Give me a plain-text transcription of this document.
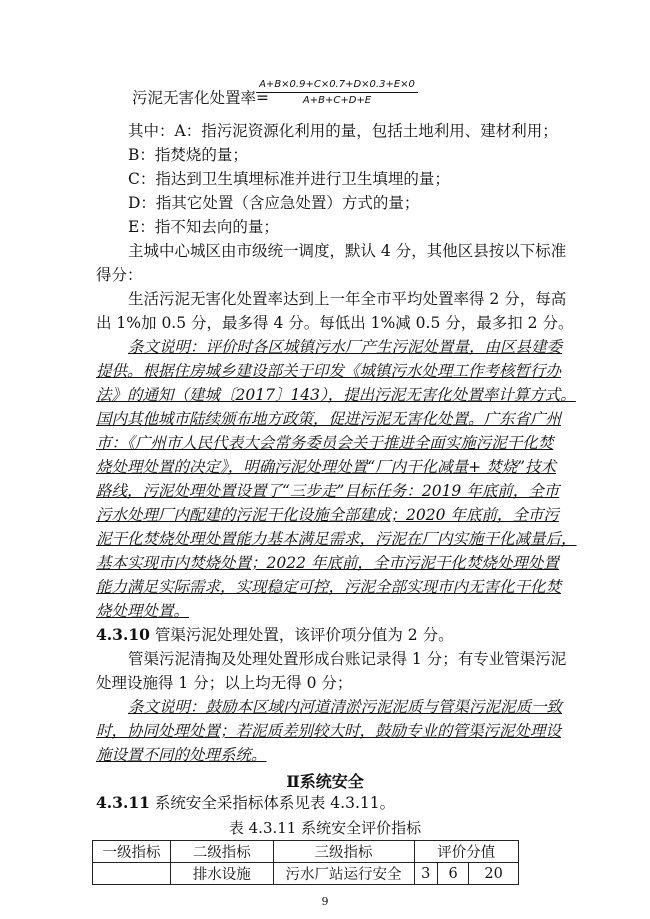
污泥无害化处置率=
$\frac{A+B\times 0.9+C\times 0.7+D\times 0.3+E\times 0}{A+B+C+D+E}$
其中：A：指污泥资源化利用的量，包括土地利用、建材利用；
B：指焚烧的量；
C：指达到卫生填埋标准并进行卫生填埋的量；
D：指其它处置（含应急处置）方式的量；
E：指不知去向的量；
主城中心城区由市级统一调度，默认 4 分，其他区县按以下标准
得分：
生活污泥无害化处置率达到上一年全市平均处置率得 2 分，每高
出 1%加 0.5 分，最多得 4 分。每低出 1%减 0.5 分，最多扣 2 分。
条文说明：评价时各区城镇污水厂产生污泥处置量，由区县建委
提供。根据住房城乡建设部关于印发《城镇污水处理工作考核暂行办
法》的通知（建城〔2017〕143），提出污泥无害化处置率计算方式。
国内其他城市陆续颁布地方政策，促进污泥无害化处置。广东省广州
市：《广州市人民代表大会常务委员会关于推进全面实施污泥干化焚
烧处理处置的决定》，明确污泥处理处置“厂内干化减量+ 焚烧”技术
路线，污泥处理处置设置了“三步走”目标任务：2019 年底前，全市
污水处理厂内配建的污泥干化设施全部建成；2020 年底前，全市污
泥干化焚烧处理处置能力基本满足需求，污泥在厂内实施干化减量后，
基本实现市内焚烧处置；2022 年底前，全市污泥干化焚烧处理处置
能力满足实际需求，实现稳定可控，污泥全部实现市内无害化干化焚
烧处理处置。
4.3.10 管渠污泥处理处置，该评价项分值为 2 分。
管渠污泥清掏及处理处置形成台账记录得 1 分；有专业管渠污泥
处理设施得 1 分；以上均无得 0 分；
条文说明：鼓励本区域内河道清淤污泥泥质与管渠污泥泥质一致
时，协同处理处置；若泥质差别较大时，鼓励专业的管渠污泥处理设
施设置不同的处理系统。
Ⅱ系统安全
4.3.11 系统安全采指标体系见表 4.3.11。
表 4.3.11 系统安全评价指标
一级指标	二级指标	三级指标	评价分值		
	排水设施	污水厂站运行安全	3	6	20
9
